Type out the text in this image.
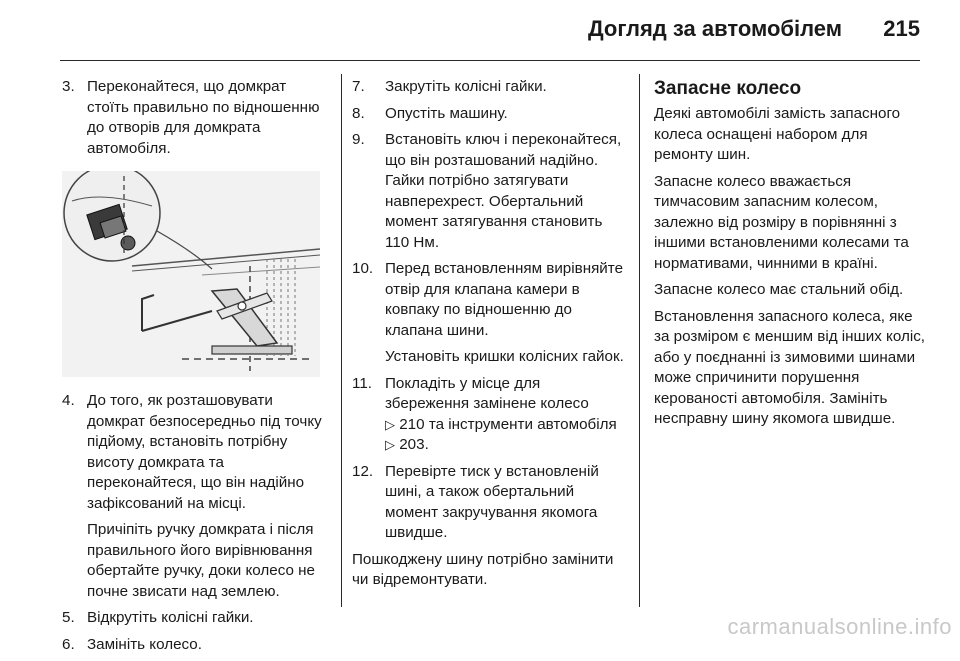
Догляд за автомобілем 215
3. Переконайтеся, що домкрат стоїть правильно по відношенню до отворів для домкрата автомобіля.
4. До того, як розташовувати домкрат безпосередньо під точку підйому, встановіть потрібну висоту домкрата та переконайтеся, що він надійно зафіксований на місці.
Причіпіть ручку домкрата і після правильного його вирівнювання обертайте ручку, доки колесо не почне звисати над землею.
5. Відкрутіть колісні гайки.
6. Замініть колесо.
7. Закрутіть колісні гайки.
8. Опустіть машину.
9. Встановіть ключ і переконайтеся, що він розташований надійно. Гайки потрібно затягувати навперехрест. Обертальний момент затягування становить 110 Нм.
10. Перед встановленням вирівняйте отвір для клапана камери в ковпаку по відношенню до клапана шини.
Установіть кришки колісних гайок.
11. Покладіть у місце для збереження замінене колесо
▷ 210 та інструменти автомобіля ▷ 203.
12. Перевірте тиск у встановленій шині, а також обертальний момент закручування якомога швидше.
Пошкоджену шину потрібно замінити чи відремонтувати.
Запасне колесо
Деякі автомобілі замість запасного колеса оснащені набором для ремонту шин.
Запасне колесо вважається тимчасовим запасним колесом, залежно від розміру в порівнянні з іншими встановленими колесами та нормативами, чинними в країні.
Запасне колесо має стальний обід.
Встановлення запасного колеса, яке за розміром є меншим від інших коліс, або у поєднанні із зимовими шинами може спричинити порушення керованості автомобіля. Замініть несправну шину якомога швидше.
carmanualsonline.info
